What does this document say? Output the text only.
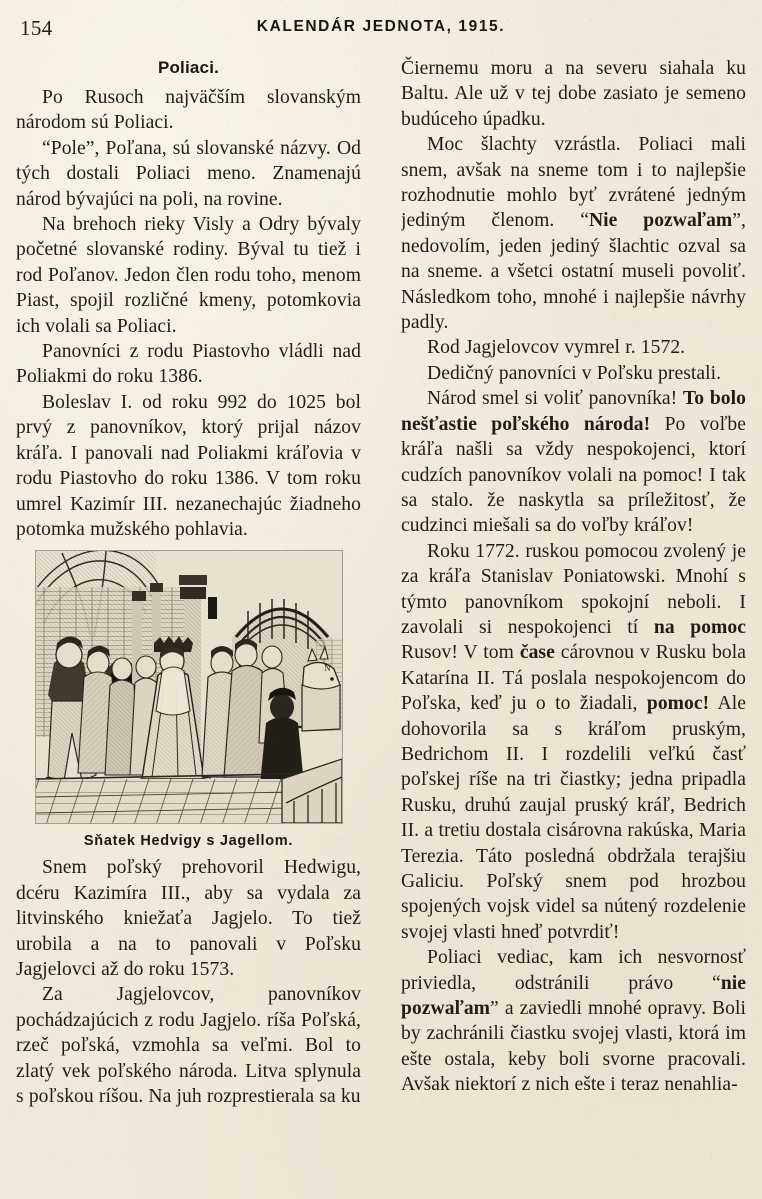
154	KALENDÁR JEDNOTA, 1915.
Poliaci.

Po Rusoch najväčším slovanským národom sú Poliaci.

“Pole”, Poľana, sú slovanské názvy. Od tých dostali Poliaci meno. Znamenajú národ bývajúci na poli, na rovine.

Na brehoch rieky Visly a Odry bývaly početné slovanské rodiny. Býval tu tiež i rod Poľanov. Jedon člen rodu toho, menom Piast, spojil rozličné kmeny, potomkovia ich volali sa Poliaci.

Panovníci z rodu Piastovho vládli nad Poliakmi do roku 1386.

Boleslav I. od roku 992 do 1025 bol prvý z panovníkov, ktorý prijal názov kráľa. I panovali nad Poliakmi kráľovia v rodu Piastovho do roku 1386. V tom roku umrel Kazimír III. nezanechajúc žiadneho potomka mužského pohlavia.

N
Sňatek Hedvigy s Jagellom.

Snem poľský prehovoril Hedwigu, dcéru Kazimíra III., aby sa vydala za litvinského kniežaťa Jagjelo. To tiež urobila a na to panovali v Poľsku Jagjelovci až do roku 1573.

Za Jagjelovcov, panovníkov pochádzajúcich z rodu Jagjelo. ríša Poľská, rzeč poľská, vzmohla sa veľmi. Bol to zlatý vek poľského národa. Litva splynula s poľskou ríšou. Na juh rozprestierala sa ku

Čiernemu moru a na severu siahala ku Baltu. Ale už v tej dobe zasiato je semeno budúceho úpadku.

Moc šlachty vzrástla. Poliaci mali snem, avšak na sneme tom i to najlepšie rozhodnutie mohlo byť zvrátené jedným jediným členom. “Nie pozwaľam”, nedovolím, jeden jediný šlachtic ozval sa na sneme. a všetci ostatní museli povoliť. Následkom toho, mnohé i najlepšie návrhy padly.

Rod Jagjelovcov vymrel r. 1572.

Dedičný panovníci v Poľsku prestali.

Národ smel si voliť panovníka! To bolo nešťastie poľského národa! Po voľbe kráľa našli sa vždy nespokojenci, ktorí cudzích panovníkov volali na pomoc! I tak sa stalo. že naskytla sa príležitosť, že cudzinci miešali sa do voľby kráľov!

Roku 1772. ruskou pomocou zvolený je za kráľa Stanislav Poniatowski. Mnohí s týmto panovníkom spokojní neboli. I zavolali si nespokojenci tí na pomoc Rusov! V tom čase cárovnou v Rusku bola Katarína II. Tá poslala nespokojencom do Poľska, keď ju o to žiadali, pomoc! Ale dohovorila sa s kráľom pruským, Bedrichom II. I rozdelili veľkú časť poľskej ríše na tri čiastky; jedna pripadla Rusku, druhú zaujal pruský kráľ, Bedrich II. a tretiu dostala cisárovna rakúska, Maria Terezia. Táto posledná obdržala terajšiu Galiciu. Poľský snem pod hrozbou spojených vojsk videl sa nútený rozdelenie svojej vlasti hneď potvrdiť!

Poliaci vediac, kam ich nesvornosť priviedla, odstránili právo “nie pozwaľam” a zaviedli mnohé opravy. Boli by zachránili čiastku svojej vlasti, ktorá im ešte ostala, keby boli svorne pracovali. Avšak niektorí z nich ešte i teraz nenahlia-
